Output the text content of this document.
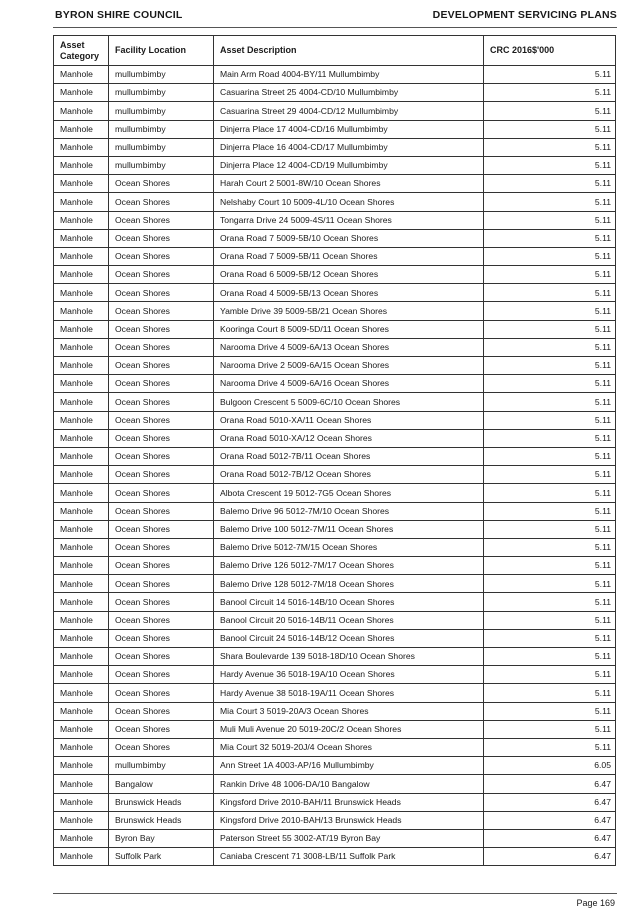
BYRON SHIRE COUNCIL	DEVELOPMENT SERVICING PLANS
Asset Category	Facility Location	Asset Description	CRC 2016$'000
Manhole	mullumbimby	Main Arm Road 4004-BY/11 Mullumbimby	5.11
Manhole	mullumbimby	Casuarina Street 25 4004-CD/10 Mullumbimby	5.11
Manhole	mullumbimby	Casuarina Street 29 4004-CD/12 Mullumbimby	5.11
Manhole	mullumbimby	Dinjerra Place 17 4004-CD/16 Mullumbimby	5.11
Manhole	mullumbimby	Dinjerra Place 16 4004-CD/17 Mullumbimby	5.11
Manhole	mullumbimby	Dinjerra Place 12 4004-CD/19 Mullumbimby	5.11
Manhole	Ocean Shores	Harah Court 2 5001-8W/10 Ocean Shores	5.11
Manhole	Ocean Shores	Nelshaby Court 10 5009-4L/10 Ocean Shores	5.11
Manhole	Ocean Shores	Tongarra Drive 24 5009-4S/11 Ocean Shores	5.11
Manhole	Ocean Shores	Orana Road 7 5009-5B/10 Ocean Shores	5.11
Manhole	Ocean Shores	Orana Road 7 5009-5B/11 Ocean Shores	5.11
Manhole	Ocean Shores	Orana Road 6 5009-5B/12 Ocean Shores	5.11
Manhole	Ocean Shores	Orana Road 4 5009-5B/13 Ocean Shores	5.11
Manhole	Ocean Shores	Yamble Drive 39 5009-5B/21 Ocean Shores	5.11
Manhole	Ocean Shores	Kooringa Court 8 5009-5D/11 Ocean Shores	5.11
Manhole	Ocean Shores	Narooma Drive 4 5009-6A/13 Ocean Shores	5.11
Manhole	Ocean Shores	Narooma Drive 2 5009-6A/15 Ocean Shores	5.11
Manhole	Ocean Shores	Narooma Drive 4 5009-6A/16 Ocean Shores	5.11
Manhole	Ocean Shores	Bulgoon Crescent 5 5009-6C/10 Ocean Shores	5.11
Manhole	Ocean Shores	Orana Road 5010-XA/11 Ocean Shores	5.11
Manhole	Ocean Shores	Orana Road 5010-XA/12 Ocean Shores	5.11
Manhole	Ocean Shores	Orana Road 5012-7B/11 Ocean Shores	5.11
Manhole	Ocean Shores	Orana Road 5012-7B/12 Ocean Shores	5.11
Manhole	Ocean Shores	Albota Crescent 19 5012-7G5 Ocean Shores	5.11
Manhole	Ocean Shores	Balemo Drive 96 5012-7M/10 Ocean Shores	5.11
Manhole	Ocean Shores	Balemo Drive 100 5012-7M/11 Ocean Shores	5.11
Manhole	Ocean Shores	Balemo Drive 5012-7M/15 Ocean Shores	5.11
Manhole	Ocean Shores	Balemo Drive 126 5012-7M/17 Ocean Shores	5.11
Manhole	Ocean Shores	Balemo Drive 128 5012-7M/18 Ocean Shores	5.11
Manhole	Ocean Shores	Banool Circuit 14 5016-14B/10 Ocean Shores	5.11
Manhole	Ocean Shores	Banool Circuit 20 5016-14B/11 Ocean Shores	5.11
Manhole	Ocean Shores	Banool Circuit 24 5016-14B/12 Ocean Shores	5.11
Manhole	Ocean Shores	Shara Boulevarde 139 5018-18D/10 Ocean Shores	5.11
Manhole	Ocean Shores	Hardy Avenue 36 5018-19A/10 Ocean Shores	5.11
Manhole	Ocean Shores	Hardy Avenue 38 5018-19A/11 Ocean Shores	5.11
Manhole	Ocean Shores	Mia Court 3 5019-20A/3 Ocean Shores	5.11
Manhole	Ocean Shores	Muli Muli Avenue 20 5019-20C/2 Ocean Shores	5.11
Manhole	Ocean Shores	Mia Court 32 5019-20J/4 Ocean Shores	5.11
Manhole	mullumbimby	Ann Street 1A 4003-AP/16 Mullumbimby	6.05
Manhole	Bangalow	Rankin Drive 48 1006-DA/10 Bangalow	6.47
Manhole	Brunswick Heads	Kingsford Drive 2010-BAH/11 Brunswick Heads	6.47
Manhole	Brunswick Heads	Kingsford Drive 2010-BAH/13 Brunswick Heads	6.47
Manhole	Byron Bay	Paterson Street 55 3002-AT/19 Byron Bay	6.47
Manhole	Suffolk Park	Caniaba Crescent 71 3008-LB/11 Suffolk Park	6.47
Page 169
